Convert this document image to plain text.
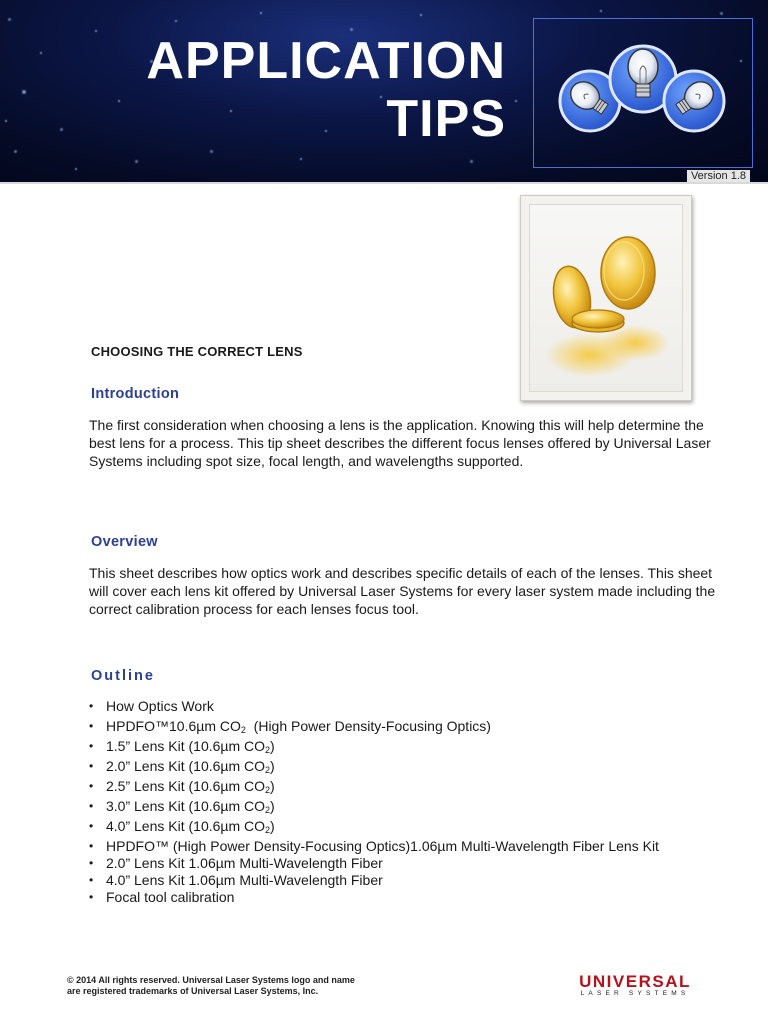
APPLICATION
TIPS
Version 1.8
CHOOSING THE CORRECT LENS
Introduction

The first consideration when choosing a lens is the application. Knowing this will help determine the best lens for a process. This tip sheet describes the different focus lenses offered by Universal Laser Systems including spot size, focal length, and wavelengths supported.

Overview

This sheet describes how optics work and describes specific details of each of the lenses. This sheet will cover each lens kit offered by Universal Laser Systems for every laser system made including the correct calibration process for each lenses focus tool.

Outline
• How Optics Work
• HPDFO™10.6µm $CO_2$  (High Power Density-Focusing Optics)
• 1.5” Lens Kit (10.6µm $CO_2$)
• 2.0” Lens Kit (10.6µm $CO_2$)
• 2.5” Lens Kit (10.6µm $CO_2$)
• 3.0” Lens Kit (10.6µm $CO_2$)
• 4.0” Lens Kit (10.6µm $CO_2$)
• HPDFO™ (High Power Density-Focusing Optics)1.06µm Multi-Wavelength Fiber Lens Kit
• 2.0” Lens Kit 1.06µm Multi-Wavelength Fiber
• 4.0” Lens Kit 1.06µm Multi-Wavelength Fiber
• Focal tool calibration
© 2014 All rights reserved. Universal Laser Systems logo and name are registered trademarks of Universal Laser Systems, Inc.	UNIVERSAL
LASER SYSTEMS
